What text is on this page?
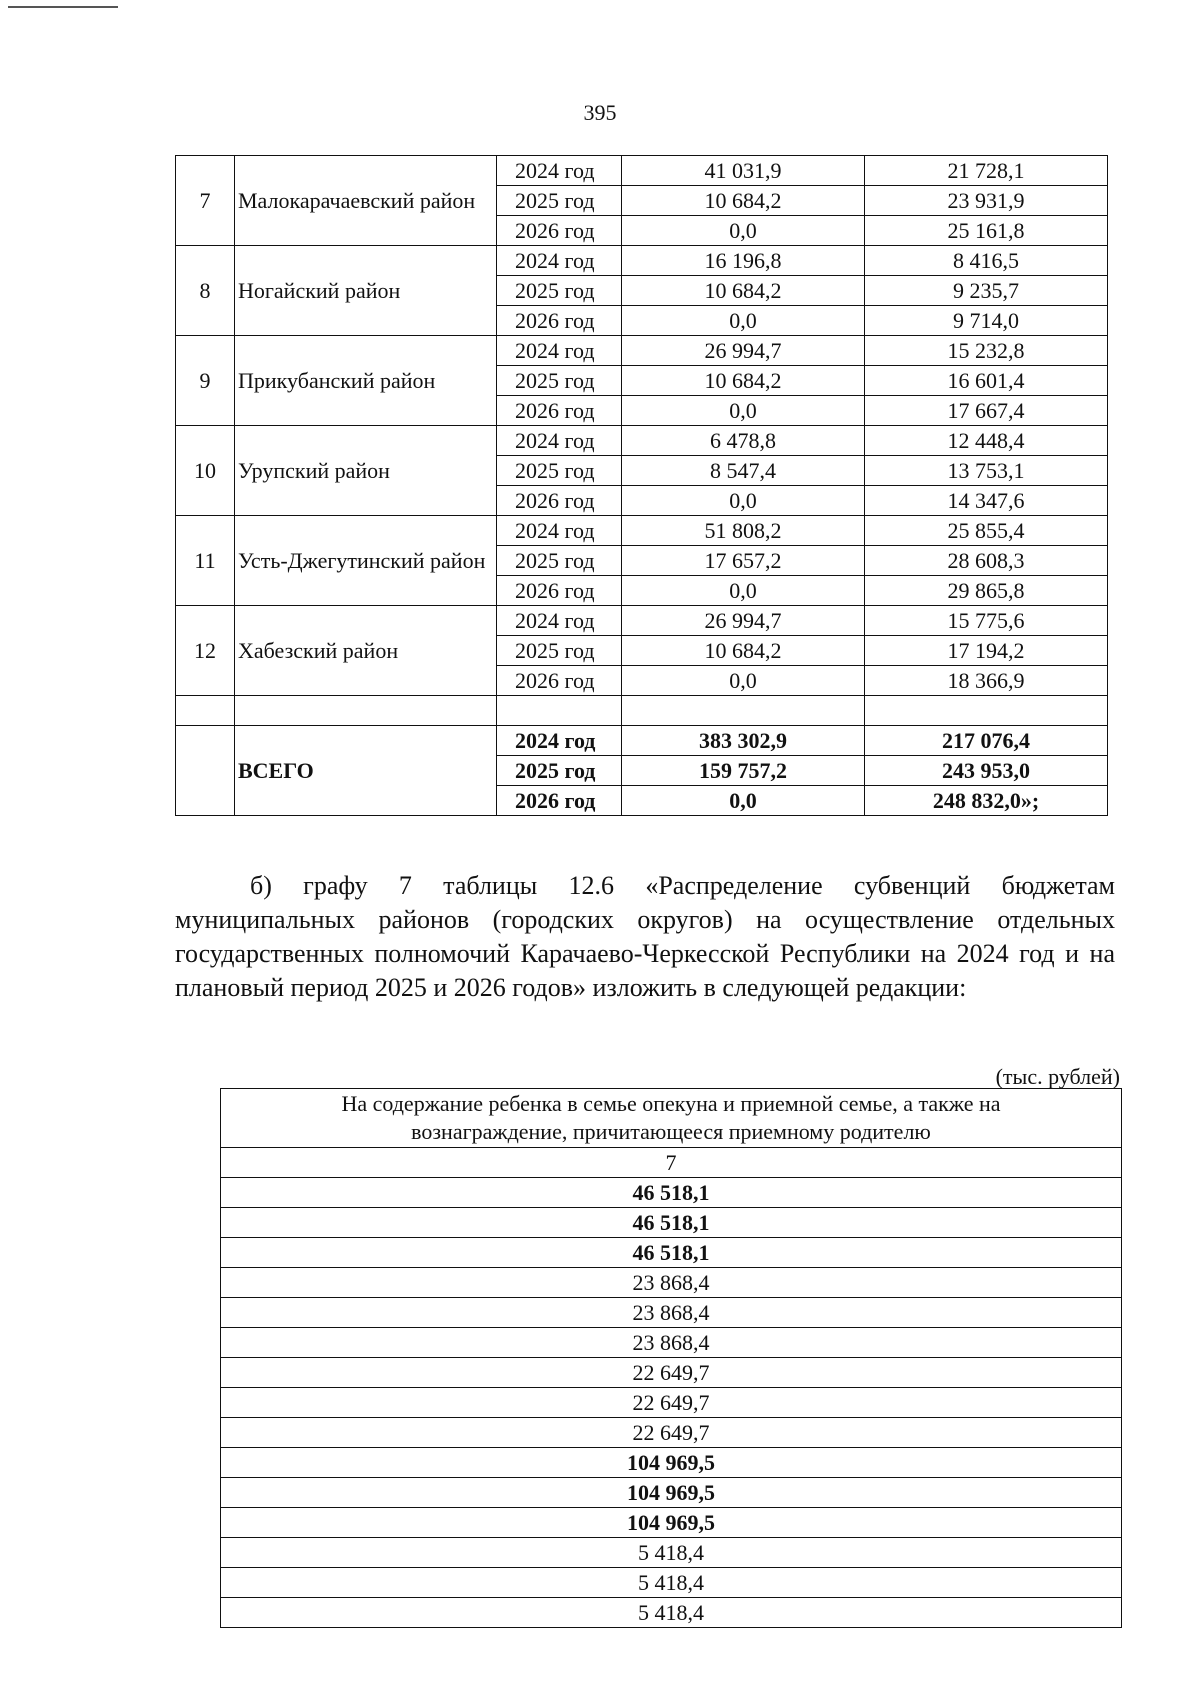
395
7	Малокарачаевский район	2024 год	41 031,9	21 728,1
		2025 год	10 684,2	23 931,9
		2026 год	0,0	25 161,8
8	Ногайский район	2024 год	16 196,8	8 416,5
		2025 год	10 684,2	9 235,7
		2026 год	0,0	9 714,0
9	Прикубанский район	2024 год	26 994,7	15 232,8
		2025 год	10 684,2	16 601,4
		2026 год	0,0	17 667,4
10	Урупский район	2024 год	6 478,8	12 448,4
		2025 год	8 547,4	13 753,1
		2026 год	0,0	14 347,6
11	Усть-Джегутинский район	2024 год	51 808,2	25 855,4
		2025 год	17 657,2	28 608,3
		2026 год	0,0	29 865,8
12	Хабезский район	2024 год	26 994,7	15 775,6
		2025 год	10 684,2	17 194,2
		2026 год	0,0	18 366,9

	ВСЕГО	2024 год	383 302,9	217 076,4
		2025 год	159 757,2	243 953,0
		2026 год	0,0	248 832,0»;
б) графу 7 таблицы 12.6 «Распределение субвенций бюджетам муниципальных районов (городских округов) на осуществление отдельных государственных полномочий Карачаево-Черкесской Республики на 2024 год и на плановый период 2025 и 2026 годов» изложить в следующей редакции:
(тыс. рублей)
На содержание ребенка в семье опекуна и приемной семье, а также на
вознаграждение, причитающееся приемному родителю

7
46 518,1
46 518,1
46 518,1
23 868,4
23 868,4
23 868,4
22 649,7
22 649,7
22 649,7
104 969,5
104 969,5
104 969,5
5 418,4
5 418,4
5 418,4
